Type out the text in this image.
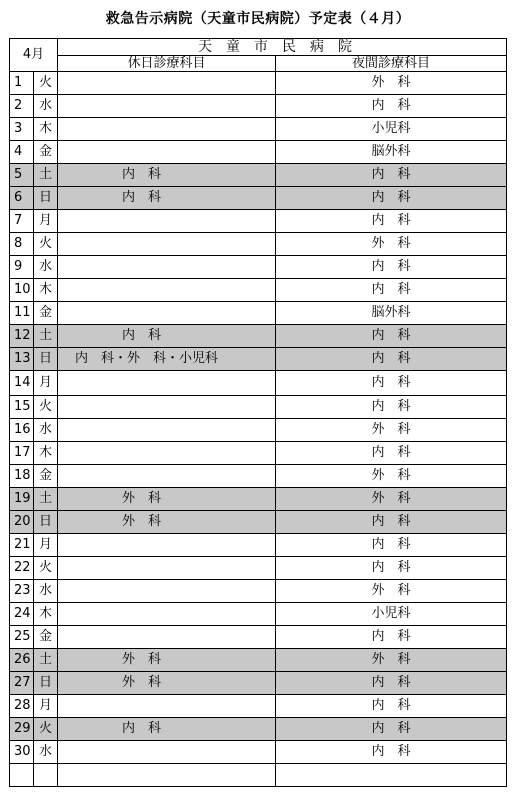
救急告示病院（天童市民病院）予定表（４月）
4月		天童市民病院	
		休日診療科目	夜間診療科目
1	火		外　科
2	水		内　科
3	木		小児科
4	金		脳外科
5	土	内　科	内　科
6	日	内　科	内　科
7	月		内　科
8	火		外　科
9	水		内　科
10	木		内　科
11	金		脳外科
12	土	内　科	内　科
13	日	内　科・外　科・小児科	内　科
14	月		内　科
15	火		内　科
16	水		外　科
17	木		内　科
18	金		外　科
19	土	外　科	外　科
20	日	外　科	内　科
21	月		内　科
22	火		内　科
23	水		外　科
24	木		小児科
25	金		内　科
26	土	外　科	外　科
27	日	外　科	内　科
28	月		内　科
29	火	内　科	内　科
30	水		内　科
